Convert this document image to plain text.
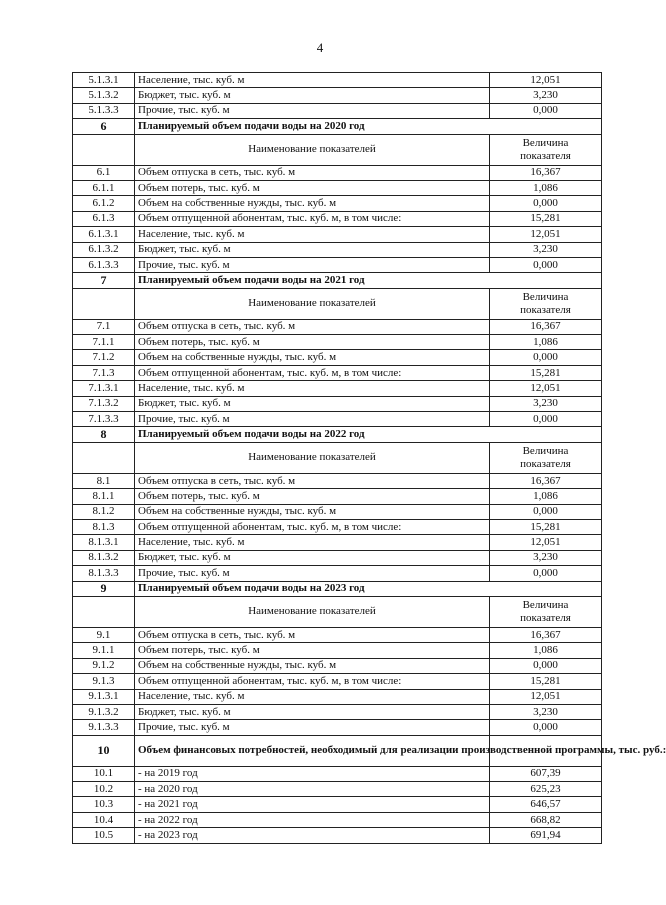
4
5.1.3.1	Население, тыс. куб. м	12,051
5.1.3.2	Бюджет, тыс. куб. м	3,230
5.1.3.3	Прочие, тыс. куб. м	0,000
6	Планируемый объем подачи воды на 2020 год	
	Наименование показателей	Величина
показателя

6.1	Объем отпуска в сеть, тыс. куб. м	16,367
6.1.1	Объем потерь, тыс. куб. м	1,086
6.1.2	Объем на собственные нужды, тыс. куб. м	0,000
6.1.3	Объем отпущенной абонентам, тыс. куб. м, в том числе:	15,281
6.1.3.1	Население, тыс. куб. м	12,051
6.1.3.2	Бюджет, тыс. куб. м	3,230
6.1.3.3	Прочие, тыс. куб. м	0,000
7	Планируемый объем подачи воды на 2021 год	
	Наименование показателей	Величина
показателя

7.1	Объем отпуска в сеть, тыс. куб. м	16,367
7.1.1	Объем потерь, тыс. куб. м	1,086
7.1.2	Объем на собственные нужды, тыс. куб. м	0,000
7.1.3	Объем отпущенной абонентам, тыс. куб. м, в том числе:	15,281
7.1.3.1	Население, тыс. куб. м	12,051
7.1.3.2	Бюджет, тыс. куб. м	3,230
7.1.3.3	Прочие, тыс. куб. м	0,000
8	Планируемый объем подачи воды на 2022 год	
	Наименование показателей	Величина
показателя

8.1	Объем отпуска в сеть, тыс. куб. м	16,367
8.1.1	Объем потерь, тыс. куб. м	1,086
8.1.2	Объем на собственные нужды, тыс. куб. м	0,000
8.1.3	Объем отпущенной абонентам, тыс. куб. м, в том числе:	15,281
8.1.3.1	Население, тыс. куб. м	12,051
8.1.3.2	Бюджет, тыс. куб. м	3,230
8.1.3.3	Прочие, тыс. куб. м	0,000
9	Планируемый объем подачи воды на 2023 год	
	Наименование показателей	Величина
показателя

9.1	Объем отпуска в сеть, тыс. куб. м	16,367
9.1.1	Объем потерь, тыс. куб. м	1,086
9.1.2	Объем на собственные нужды, тыс. куб. м	0,000
9.1.3	Объем отпущенной абонентам, тыс. куб. м, в том числе:	15,281
9.1.3.1	Население, тыс. куб. м	12,051
9.1.3.2	Бюджет, тыс. куб. м	3,230
9.1.3.3	Прочие, тыс. куб. м	0,000
10	Объем финансовых потребностей, необходимый для реализации производственной программы, тыс. руб.:	
10.1	- на 2019 год	607,39
10.2	- на 2020 год	625,23
10.3	- на 2021 год	646,57
10.4	- на 2022 год	668,82
10.5	- на 2023 год	691,94
